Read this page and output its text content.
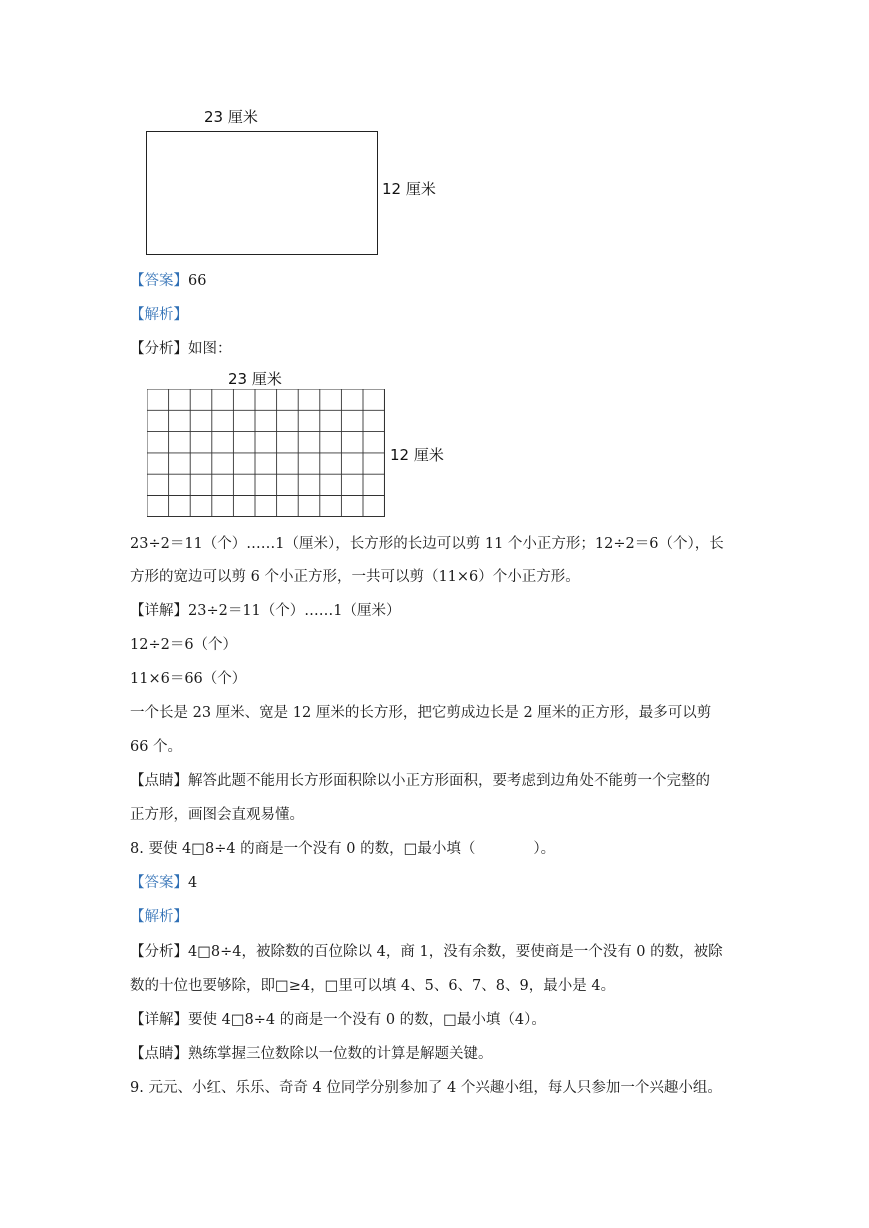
23 厘米
12 厘米
【答案】66
【解析】
【分析】如图：
23 厘米
12 厘米
23÷2＝11（个）……1（厘米），长方形的长边可以剪 11 个小正方形；12÷2＝6（个），长
方形的宽边可以剪 6 个小正方形，一共可以剪（11×6）个小正方形。
【详解】23÷2＝11（个）……1（厘米）
12÷2＝6（个）
11×6＝66（个）
一个长是 23 厘米、宽是 12 厘米的长方形，把它剪成边长是 2 厘米的正方形，最多可以剪
66 个。
【点睛】解答此题不能用长方形面积除以小正方形面积，要考虑到边角处不能剪一个完整的
正方形，画图会直观易懂。
8. 要使 4□8÷4 的商是一个没有 0 的数，□最小填（　　　　）。
【答案】4
【解析】
【分析】4□8÷4，被除数的百位除以 4，商 1，没有余数，要使商是一个没有 0 的数，被除
数的十位也要够除，即□≥4，□里可以填 4、5、6、7、8、9，最小是 4。
【详解】要使 4□8÷4 的商是一个没有 0 的数，□最小填（4）。
【点睛】熟练掌握三位数除以一位数的计算是解题关键。
9. 元元、小红、乐乐、奇奇 4 位同学分别参加了 4 个兴趣小组，每人只参加一个兴趣小组。
